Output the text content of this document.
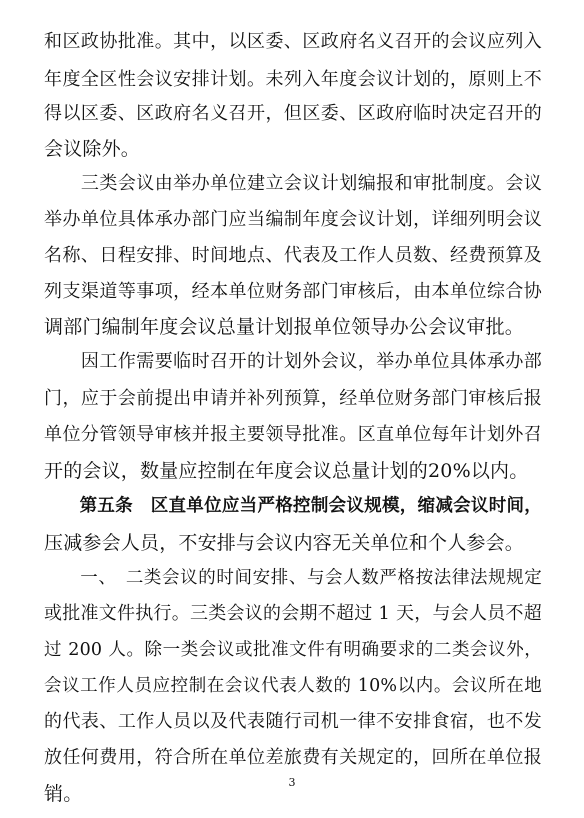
和区政协批准。其中，以区委、区政府名义召开的会议应列入
年度全区性会议安排计划。未列入年度会议计划的，原则上不
得以区委、区政府名义召开，但区委、区政府临时决定召开的
会议除外。
　　三类会议由举办单位建立会议计划编报和审批制度。会议
举办单位具体承办部门应当编制年度会议计划，详细列明会议
名称、日程安排、时间地点、代表及工作人员数、经费预算及
列支渠道等事项，经本单位财务部门审核后，由本单位综合协
调部门编制年度会议总量计划报单位领导办公会议审批。
　　因工作需要临时召开的计划外会议，举办单位具体承办部
门，应于会前提出申请并补列预算，经单位财务部门审核后报
单位分管领导审核并报主要领导批准。区直单位每年计划外召
开的会议，数量应控制在年度会议总量计划的20%以内。
　　第五条　区直单位应当严格控制会议规模，缩减会议时间，
压减参会人员，不安排与会议内容无关单位和个人参会。
　　一、　二类会议的时间安排、与会人数严格按法律法规规定
或批准文件执行。三类会议的会期不超过 1 天，与会人员不超
过 200 人。除一类会议或批准文件有明确要求的二类会议外，
会议工作人员应控制在会议代表人数的 10%以内。会议所在地
的代表、工作人员以及代表随行司机一律不安排食宿，也不发
放任何费用，符合所在单位差旅费有关规定的，回所在单位报
销。
3
